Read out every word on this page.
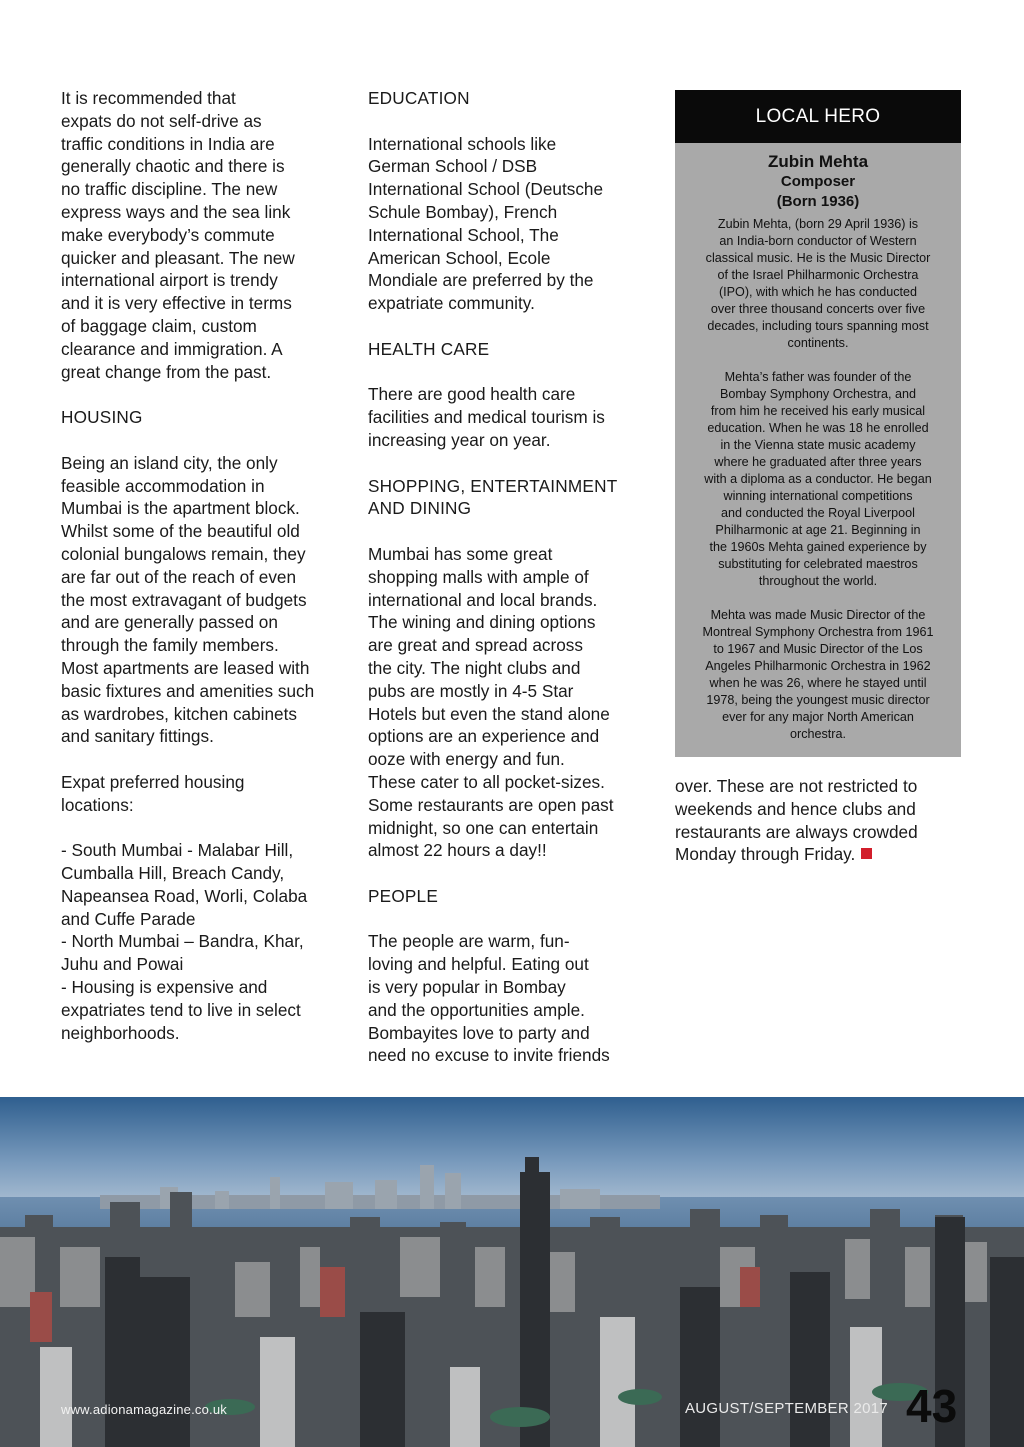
It is recommended that
expats do not self-drive as
traffic conditions in India are
generally chaotic and there is
no traffic discipline. The new
express ways and the sea link
make everybody’s commute
quicker and pleasant. The new
international airport is trendy
and it is very effective in terms
of baggage claim, custom
clearance and immigration. A
great change from the past.

HOUSING

Being an island city, the only
feasible accommodation in
Mumbai is the apartment block.
Whilst some of the beautiful old
colonial bungalows remain, they
are far out of the reach of even
the most extravagant of budgets
and are generally passed on
through the family members.
Most apartments are leased with
basic fixtures and amenities such
as wardrobes, kitchen cabinets
and sanitary fittings.

Expat preferred housing
locations:

- South Mumbai - Malabar Hill,
Cumballa Hill, Breach Candy,
Napeansea Road, Worli, Colaba
and Cuffe Parade
- North Mumbai – Bandra, Khar,
Juhu and Powai
- Housing is expensive and
expatriates tend to live in select
neighborhoods.

EDUCATION

International schools like
German School / DSB
International School (Deutsche
Schule Bombay), French
International School, The
American School, Ecole
Mondiale are preferred by the
expatriate community.

HEALTH CARE

There are good health care
facilities and medical tourism is
increasing year on year.

SHOPPING, ENTERTAINMENT
AND DINING

Mumbai has some great
shopping malls with ample of
international and local brands.
The wining and dining options
are great and spread across
the city. The night clubs and
pubs are mostly in 4-5 Star
Hotels but even the stand alone
options are an experience and
ooze with energy and fun.
These cater to all pocket-sizes.
Some restaurants are open past
midnight, so one can entertain
almost 22 hours a day!!

PEOPLE

The people are warm, fun-
loving and helpful. Eating out
is very popular in Bombay
and the opportunities ample.
Bombayites love to party and
need no excuse to invite friends

LOCAL HERO
Zubin Mehta
Composer
(Born 1936)

Zubin Mehta, (born 29 April 1936) is
an India-born conductor of Western
classical music. He is the Music Director
of the Israel Philharmonic Orchestra
(IPO), with which he has conducted
over three thousand concerts over five
decades, including tours spanning most
continents.

Mehta’s father was founder of the
Bombay Symphony Orchestra, and
from him he received his early musical
education. When he was 18 he enrolled
in the Vienna state music academy
where he graduated after three years
with a diploma as a conductor. He began
winning international competitions
and conducted the Royal Liverpool
Philharmonic at age 21. Beginning in
the 1960s Mehta gained experience by
substituting for celebrated maestros
throughout the world.

Mehta was made Music Director of the
Montreal Symphony Orchestra from 1961
to 1967 and Music Director of the Los
Angeles Philharmonic Orchestra in 1962
when he was 26, where he stayed until
1978, being the youngest music director
ever for any major North American
orchestra.

over. These are not restricted to
weekends and hence clubs and
restaurants are always crowded
Monday through Friday.
www.adionamagazine.co.uk	AUGUST/SEPTEMBER 2017 43
